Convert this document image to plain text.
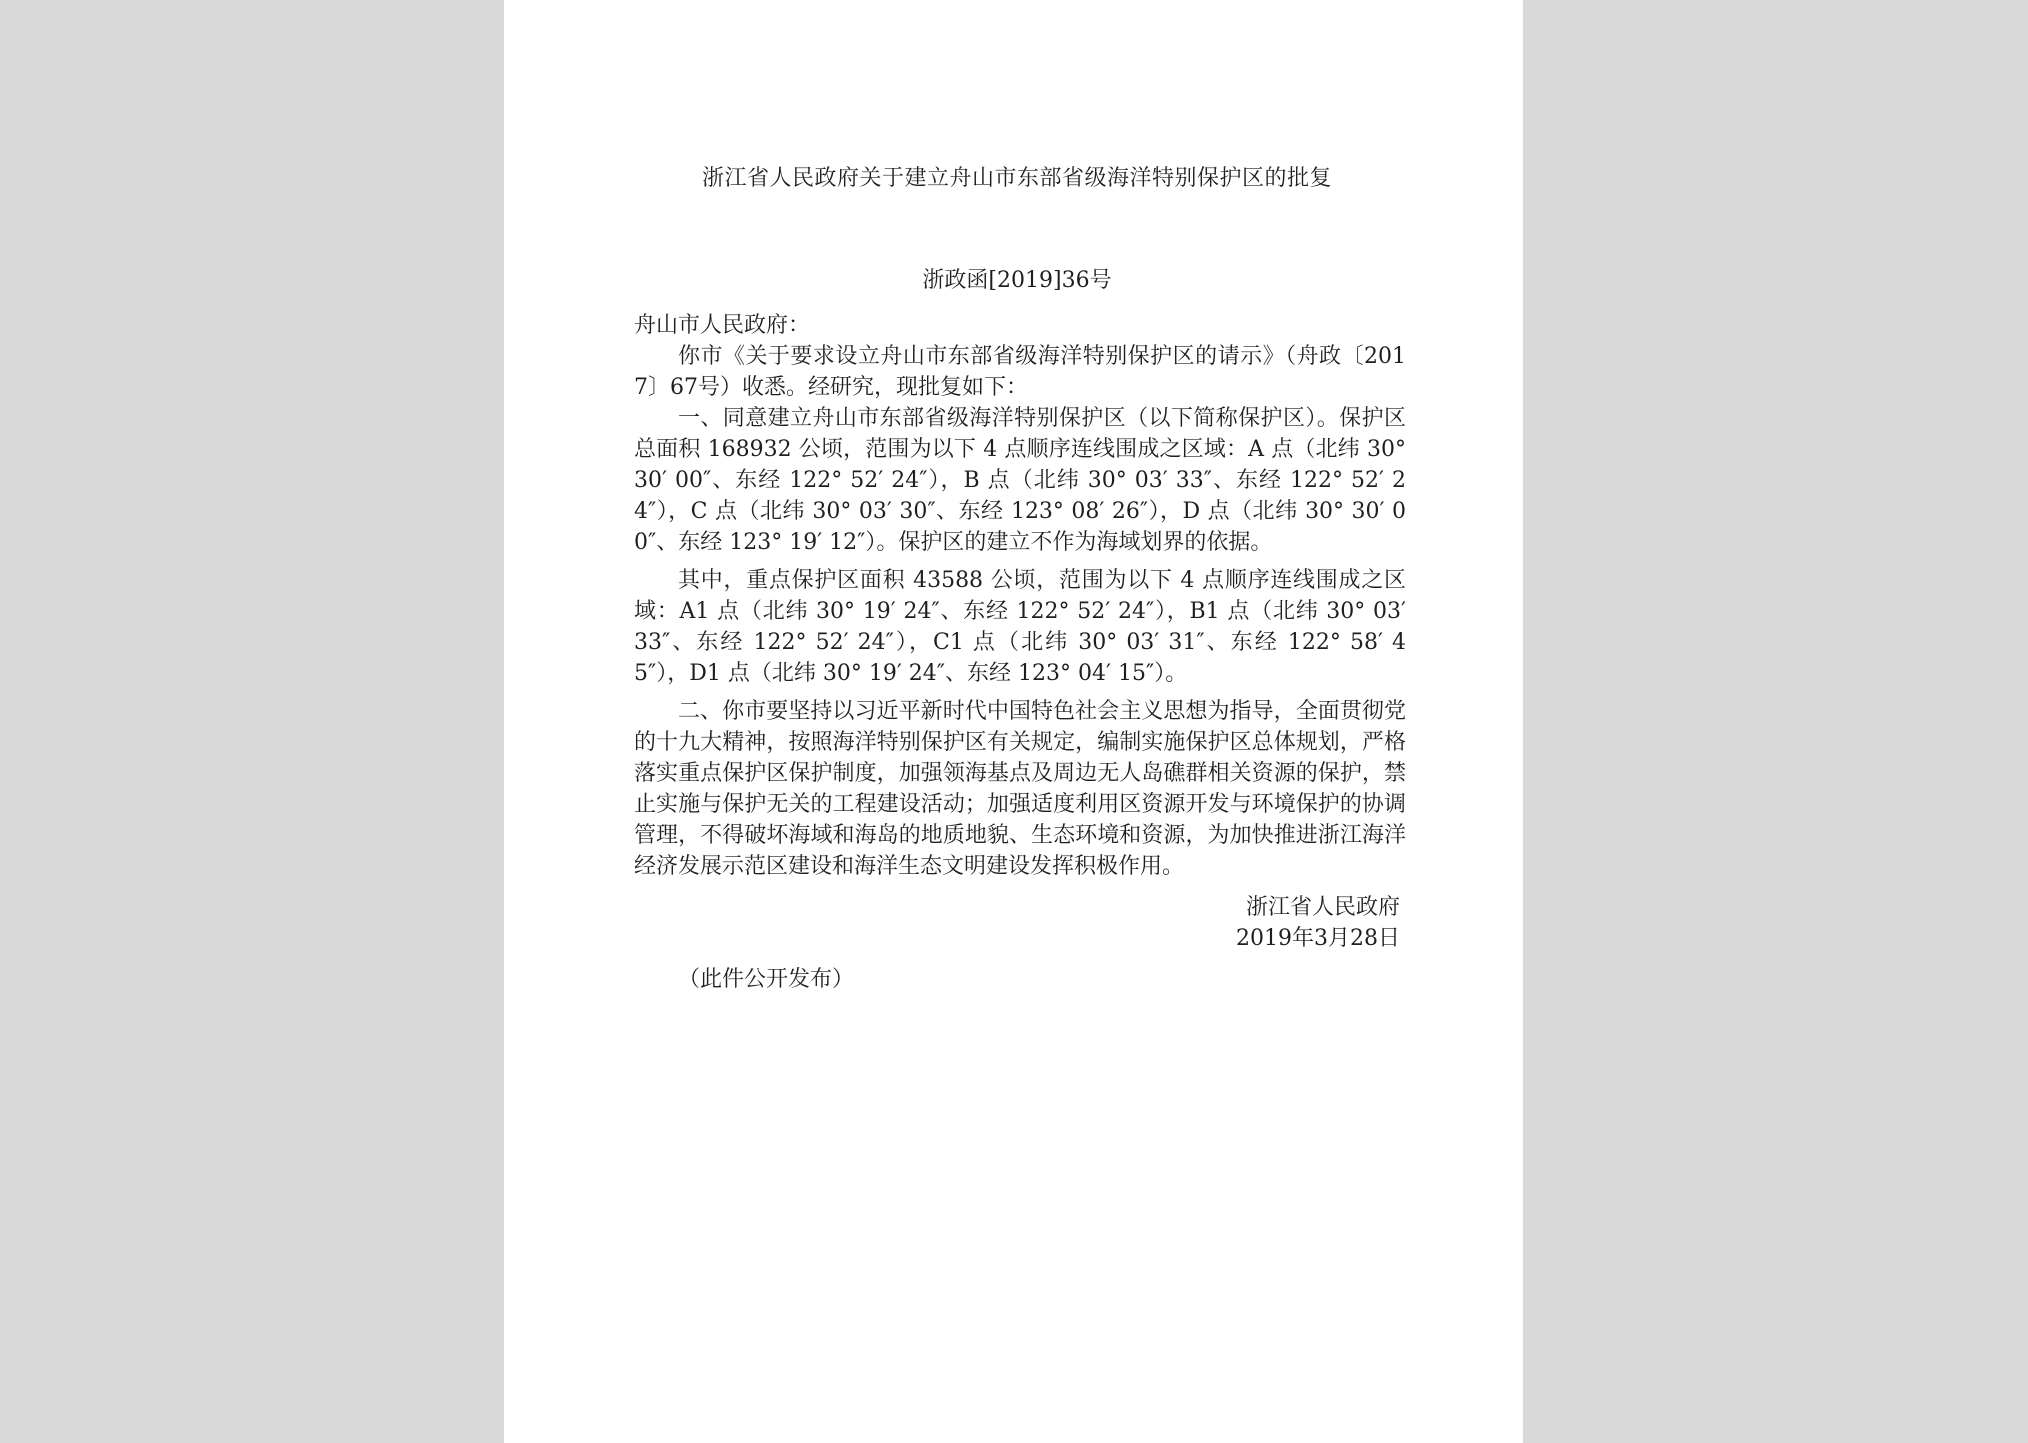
浙江省人民政府关于建立舟山市东部省级海洋特别保护区的批复
浙政函[2019]36号
舟山市人民政府：

你市《关于要求设立舟山市东部省级海洋特别保护区的请示》（舟政〔2017〕67号）收悉。经研究，现批复如下：

一、同意建立舟山市东部省级海洋特别保护区（以下简称保护区）。保护区总面积 168932 公顷，范围为以下 4 点顺序连线围成之区域：A 点（北纬 30° 30′ 00″、东经 122° 52′ 24″），B 点（北纬 30° 03′ 33″、东经 122° 52′ 24″），C 点（北纬 30° 03′ 30″、东经 123° 08′ 26″），D 点（北纬 30° 30′ 00″、东经 123° 19′ 12″）。保护区的建立不作为海域划界的依据。

其中，重点保护区面积 43588 公顷，范围为以下 4 点顺序连线围成之区域：A1 点（北纬 30° 19′ 24″、东经 122° 52′ 24″），B1 点（北纬 30° 03′ 33″、东经 122° 52′ 24″），C1 点（北纬 30° 03′ 31″、东经 122° 58′ 45″），D1 点（北纬 30° 19′ 24″、东经 123° 04′ 15″）。

二、你市要坚持以习近平新时代中国特色社会主义思想为指导，全面贯彻党的十九大精神，按照海洋特别保护区有关规定，编制实施保护区总体规划，严格落实重点保护区保护制度，加强领海基点及周边无人岛礁群相关资源的保护，禁止实施与保护无关的工程建设活动；加强适度利用区资源开发与环境保护的协调管理，不得破坏海域和海岛的地质地貌、生态环境和资源，为加快推进浙江海洋经济发展示范区建设和海洋生态文明建设发挥积极作用。

浙江省人民政府
2019年3月28日
（此件公开发布）
